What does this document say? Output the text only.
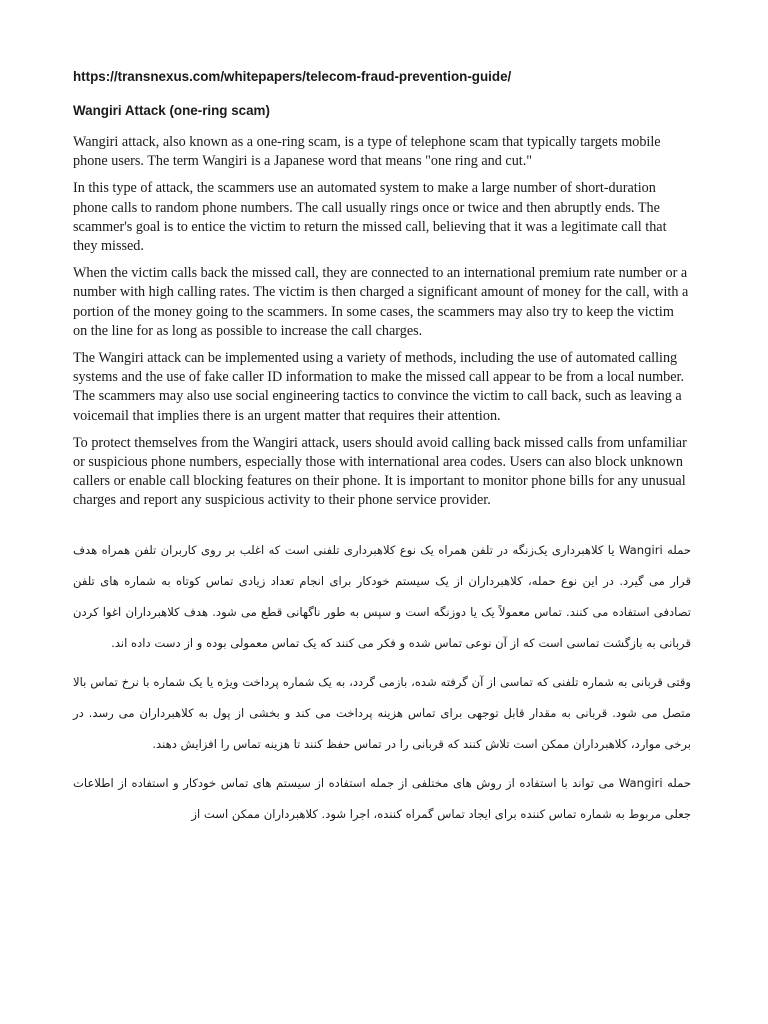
https://transnexus.com/whitepapers/telecom-fraud-prevention-guide/

Wangiri Attack (one-ring scam)

Wangiri attack, also known as a one-ring scam, is a type of telephone scam that typically targets mobile phone users. The term Wangiri is a Japanese word that means "one ring and cut."

In this type of attack, the scammers use an automated system to make a large number of short-duration phone calls to random phone numbers. The call usually rings once or twice and then abruptly ends. The scammer's goal is to entice the victim to return the missed call, believing that it was a legitimate call that they missed.

When the victim calls back the missed call, they are connected to an international premium rate number or a number with high calling rates. The victim is then charged a significant amount of money for the call, with a portion of the money going to the scammers. In some cases, the scammers may also try to keep the victim on the line for as long as possible to increase the call charges.

The Wangiri attack can be implemented using a variety of methods, including the use of automated calling systems and the use of fake caller ID information to make the missed call appear to be from a local number. The scammers may also use social engineering tactics to convince the victim to call back, such as leaving a voicemail that implies there is an urgent matter that requires their attention.

To protect themselves from the Wangiri attack, users should avoid calling back missed calls from unfamiliar or suspicious phone numbers, especially those with international area codes. Users can also block unknown callers or enable call blocking features on their phone. It is important to monitor phone bills for any unusual charges and report any suspicious activity to their phone service provider.

حمله Wangiri یا کلاهبرداری یک‌زنگه در تلفن همراه یک نوع کلاهبرداری تلفنی است که اغلب بر روی کاربران تلفن همراه هدف قرار می گیرد. در این نوع حمله، کلاهبرداران از یک سیستم خودکار برای انجام تعداد زیادی تماس کوتاه به شماره های تلفن تصادفی استفاده می کنند. تماس معمولاً یک یا دوزنگه است و سپس به طور ناگهانی قطع می شود. هدف کلاهبرداران اغوا کردن قربانی به بازگشت تماسی است که از آن نوعی تماس شده و فکر می کنند که یک تماس معمولی بوده و از دست داده اند.

وقتی قربانی به شماره تلفنی که تماسی از آن گرفته شده، بازمی گردد، به یک شماره پرداخت ویژه یا یک شماره با نرخ تماس بالا متصل می شود. قربانی به مقدار قابل توجهی برای تماس هزینه پرداخت می کند و بخشی از پول به کلاهبرداران می رسد. در برخی موارد، کلاهبرداران ممکن است تلاش کنند که قربانی را در تماس حفظ کنند تا هزینه تماس را افزایش دهند.

حمله Wangiri می تواند با استفاده از روش های مختلفی از جمله استفاده از سیستم های تماس خودکار و استفاده از اطلاعات جعلی مربوط به شماره تماس کننده برای ایجاد تماس گمراه کننده، اجرا شود. کلاهبرداران ممکن است از
